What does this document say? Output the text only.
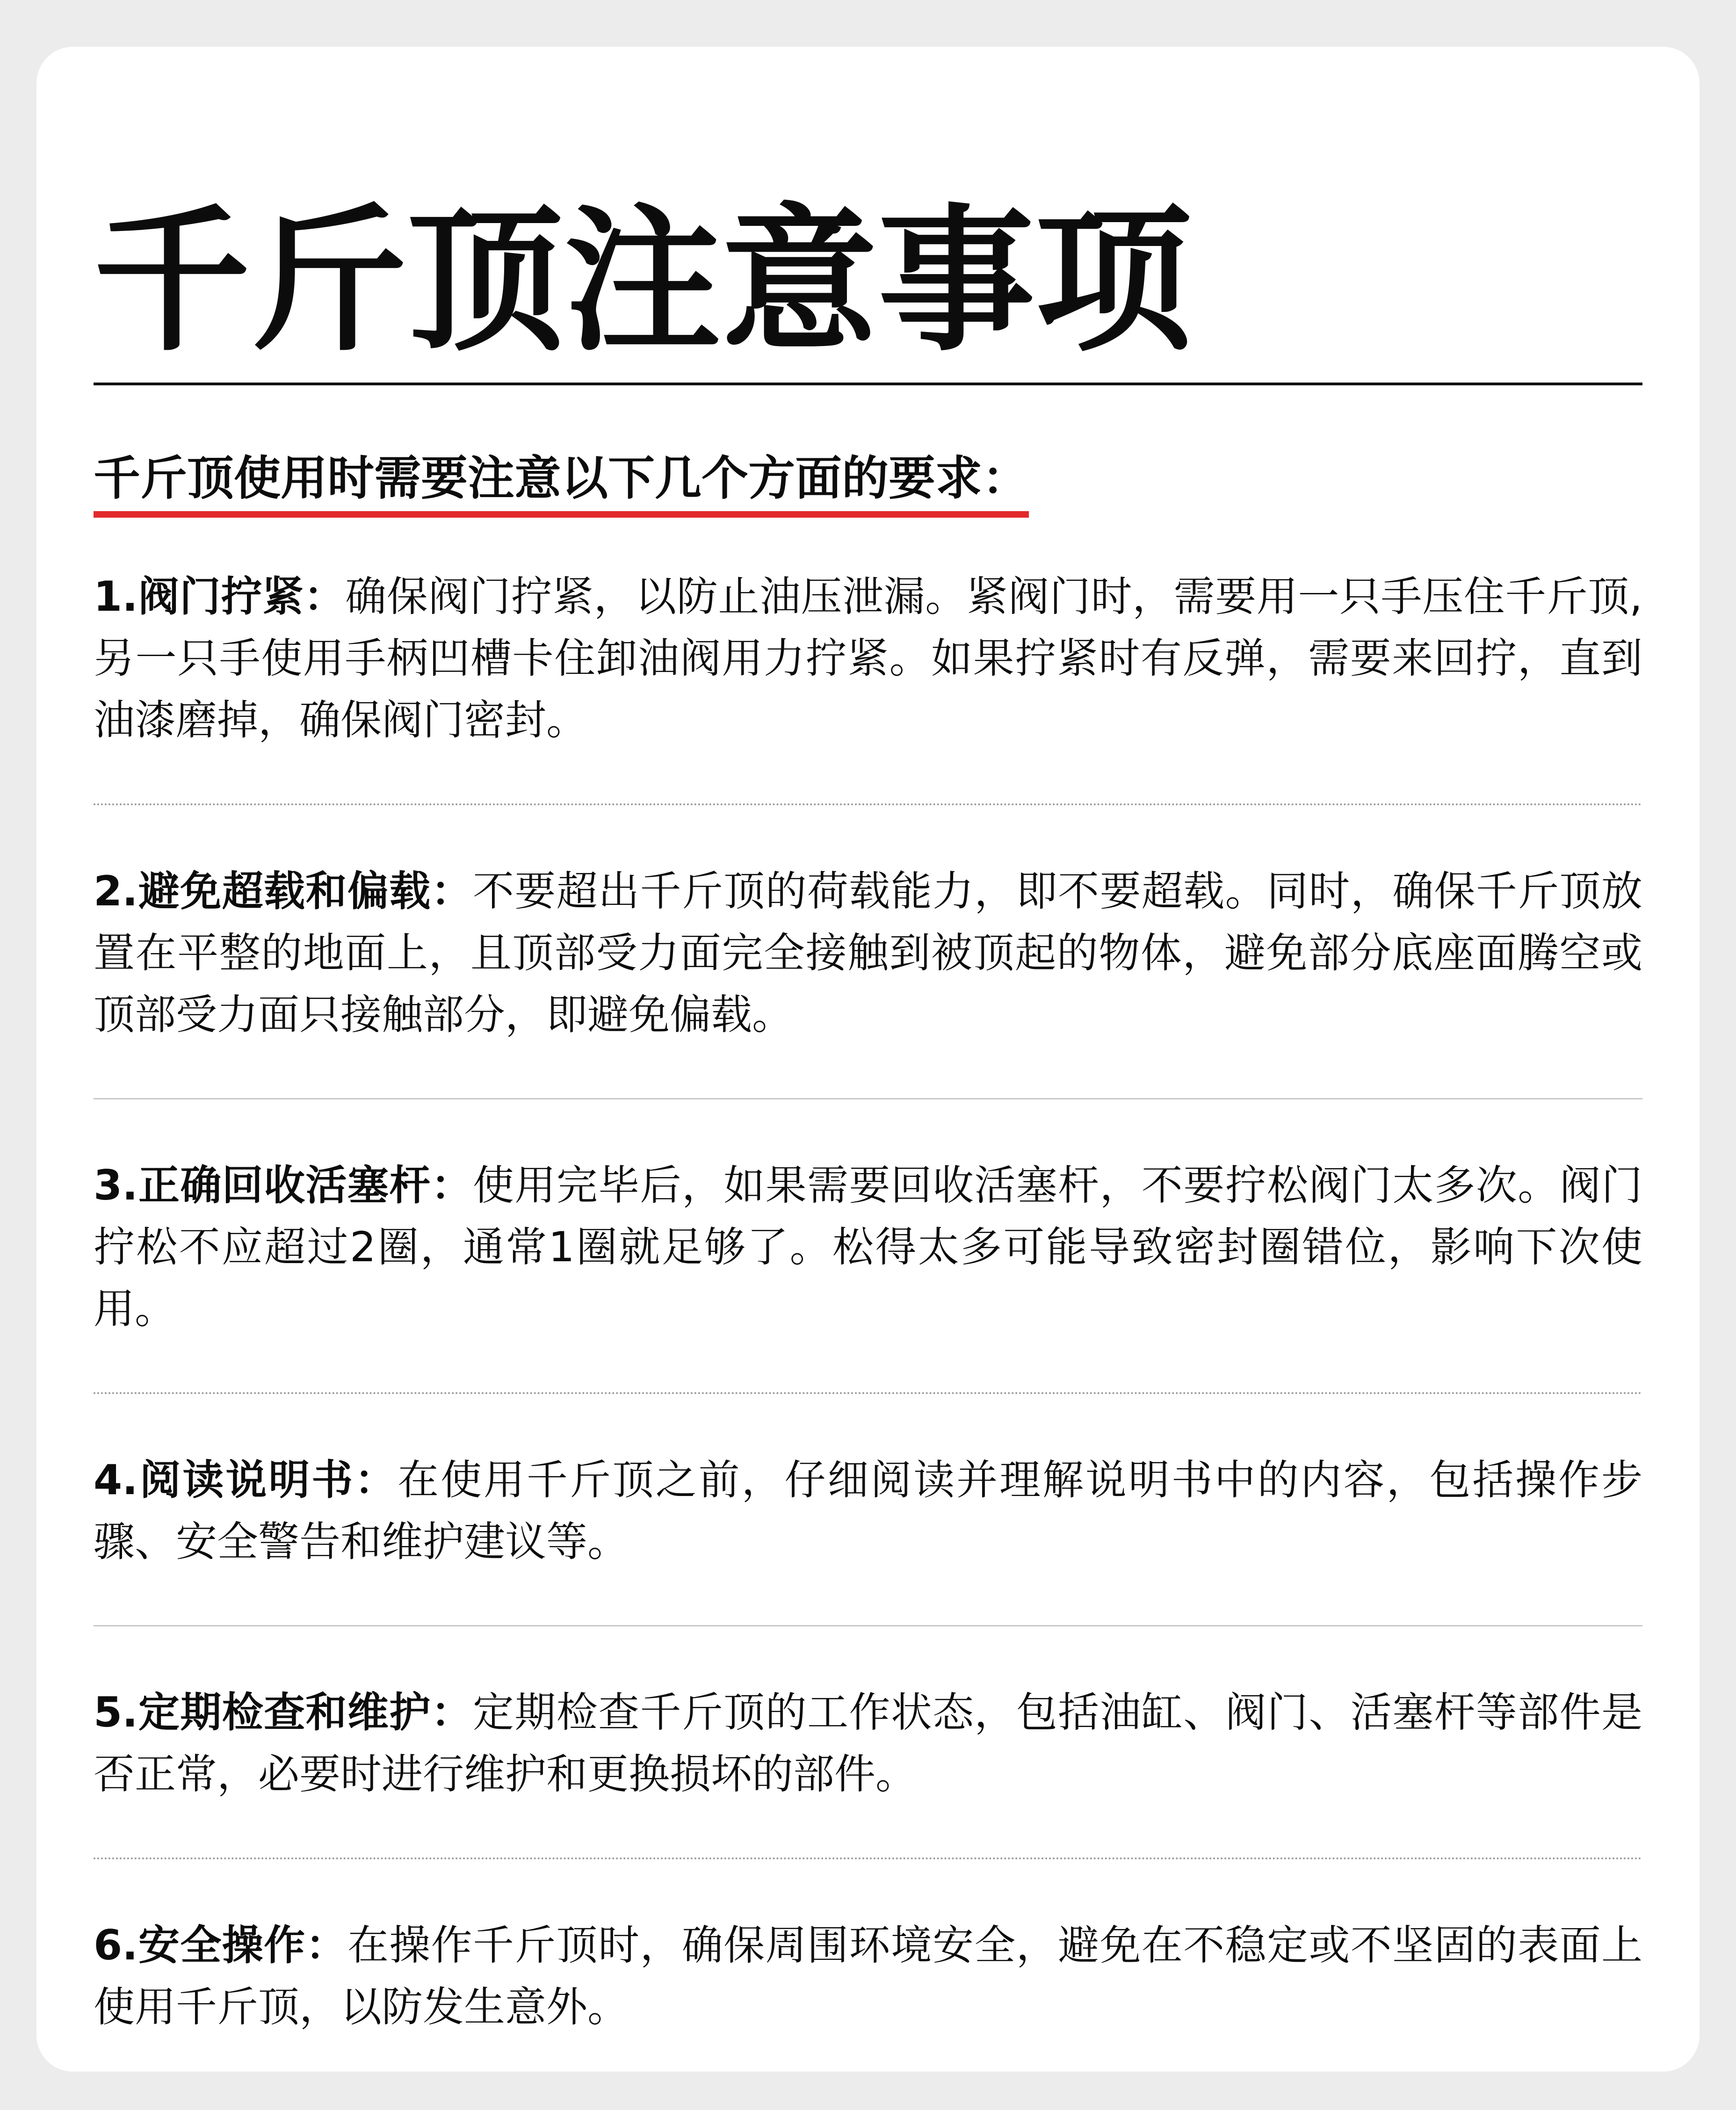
千斤顶注意事项
千斤顶使用时需要注意以下几个方面的要求：

1.阀门拧紧：确保阀门拧紧，以防止油压泄漏。紧阀门时，需要用一只手压住千斤顶,另一只手使用手柄凹槽卡住卸油阀用力拧紧。如果拧紧时有反弹，需要来回拧，直到油漆磨掉，确保阀门密封。

2.避免超载和偏载：不要超出千斤顶的荷载能力，即不要超载。同时，确保千斤顶放置在平整的地面上，且顶部受力面完全接触到被顶起的物体，避免部分底座面腾空或顶部受力面只接触部分，即避免偏载。

3.正确回收活塞杆：使用完毕后，如果需要回收活塞杆，不要拧松阀门太多次。阀门拧松不应超过2圈，通常1圈就足够了。松得太多可能导致密封圈错位，影响下次使用。

4.阅读说明书：在使用千斤顶之前，仔细阅读并理解说明书中的内容，包括操作步骤、安全警告和维护建议等。

5.定期检查和维护：定期检查千斤顶的工作状态，包括油缸、阀门、活塞杆等部件是否正常，必要时进行维护和更换损坏的部件。

6.安全操作：在操作千斤顶时，确保周围环境安全，避免在不稳定或不坚固的表面上使用千斤顶，以防发生意外。
